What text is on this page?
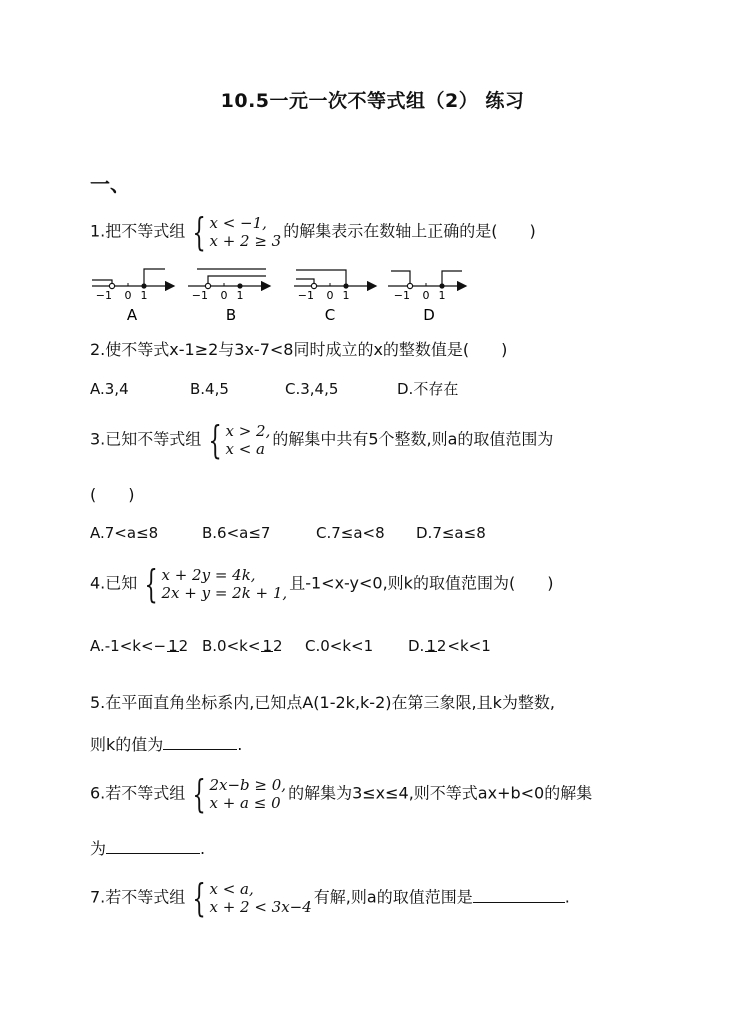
10.5一元一次不等式组（2） 练习
一、
1.把不等式组 { x < −1,
x + 2 ≥ 3
的解集表示在数轴上正确的是(　　)
−1 0 1
A
−1 0 1
B
−1 0 1
C
−1 0 1
D
2.使不等式x-1≥2与3x-7<8同时成立的x的整数值是(　　)
A.3,4	B.4,5	C.3,4,5	D.不存在
3.已知不等式组 { x > 2,
x < a
的解集中共有5个整数,则a的取值范围为
(　　)
A.7<a≤8	B.6<a≤7	C.7≤a<8 D.7≤a≤8
4.已知 { x + 2y = 4k,
2x + y = 2k + 1,
且-1<x-y<0,则k的取值范围为(　　)
A.-1<k<− 12 B.0<k< 12 C.0<k<1 D. 12<k<1
5.在平面直角坐标系内,已知点A(1-2k,k-2)在第三象限,且k为整数,
则k的值为	.
6.若不等式组 { 2x−b ≥ 0,
x + a ≤ 0
的解集为3≤x≤4,则不等式ax+b<0的解集
为	.
7.若不等式组 { x < a,
x + 2 < 3x−4
有解,则a的取值范围是	.
